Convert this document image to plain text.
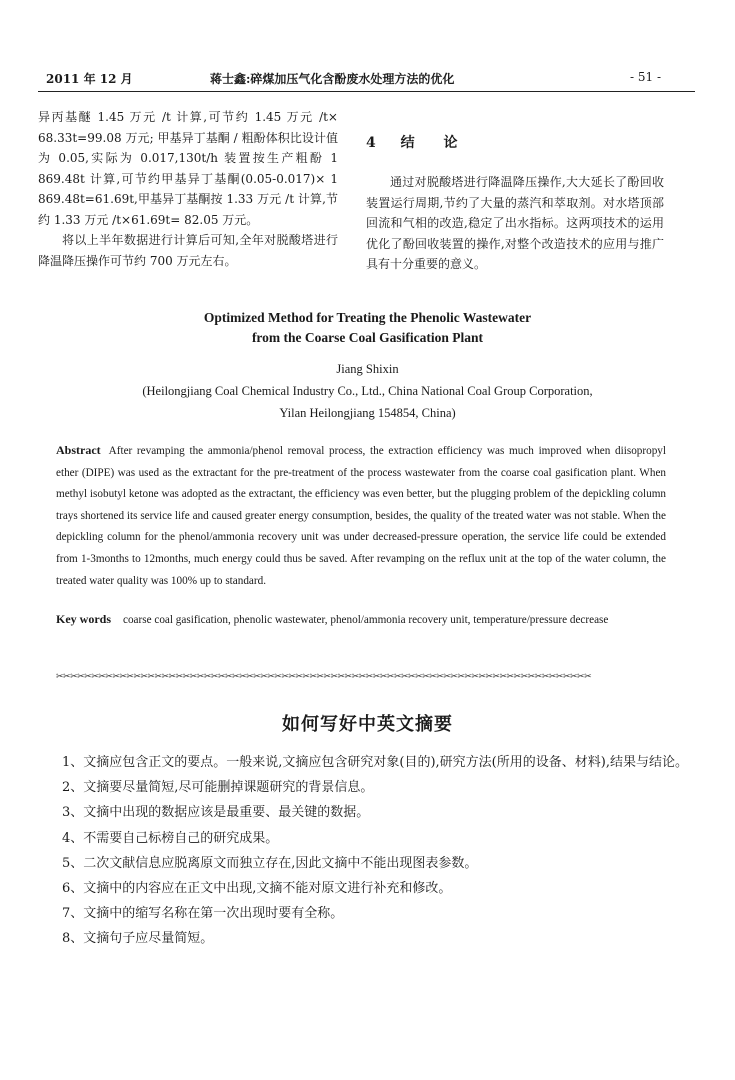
2011 年 12 月	蒋士鑫:碎煤加压气化含酚废水处理方法的优化	- 51 -

异丙基醚 1.45 万元 /t 计算,可节约 1.45 万元 /t× 68.33t=99.08 万元; 甲基异丁基酮 / 粗酚体积比设计值为 0.05,实际为 0.017,130t/h 装置按生产粗酚 1 869.48t 计算,可节约甲基异丁基酮(0.05-0.017)× 1 869.48t=61.69t,甲基异丁基酮按 1.33 万元 /t 计算,节约 1.33 万元 /t×61.69t= 82.05 万元。

将以上半年数据进行计算后可知,全年对脱酸塔进行降温降压操作可节约 700 万元左右。

4 结 论

通过对脱酸塔进行降温降压操作,大大延长了酚回收装置运行周期,节约了大量的蒸汽和萃取剂。对水塔顶部回流和气相的改造,稳定了出水指标。这两项技术的运用优化了酚回收装置的操作,对整个改造技术的应用与推广具有十分重要的意义。

Optimized Method for Treating the Phenolic Wastewater
from the Coarse Coal Gasification Plant
Jiang Shixin
(Heilongjiang Coal Chemical Industry Co., Ltd., China National Coal Group Corporation,
Yilan Heilongjiang 154854, China)

Abstract After revamping the ammonia/phenol removal process, the extraction efficiency was much improved when diisopropyl ether (DIPE) was used as the extractant for the pre-treatment of the process wastewater from the coarse coal gasification plant. When methyl isobutyl ketone was adopted as the extractant, the efficiency was even better, but the plugging problem of the depickling column trays shortened its service life and caused greater energy consumption, besides, the quality of the treated water was not stable. When the depickling column for the phenol/ammonia recovery unit was under decreased-pressure operation, the service life could be extended from 1-3months to 12months, much energy could thus be saved. After revamping on the reflux unit at the top of the water column, the treated water quality was 100% up to standard.

Key words coarse coal gasification, phenolic wastewater, phenol/ammonia recovery unit, temperature/pressure decrease

✂✂✂✂✂✂✂✂✂✂✂✂✂✂✂✂✂✂✂✂✂✂✂✂✂✂✂✂✂✂✂✂✂✂✂✂✂✂✂✂✂✂✂✂✂✂✂✂✂✂✂✂✂✂✂✂✂✂✂✂✂✂✂✂✂✂✂✂✂✂✂✂✂✂✂✂
如何写好中英文摘要

1、文摘应包含正文的要点。一般来说,文摘应包含研究对象(目的),研究方法(所用的设备、材料),结果与结论。

2、文摘要尽量简短,尽可能删掉课题研究的背景信息。

3、文摘中出现的数据应该是最重要、最关键的数据。

4、不需要自己标榜自己的研究成果。

5、二次文献信息应脱离原文而独立存在,因此文摘中不能出现图表参数。

6、文摘中的内容应在正文中出现,文摘不能对原文进行补充和修改。

7、文摘中的缩写名称在第一次出现时要有全称。

8、文摘句子应尽量简短。
